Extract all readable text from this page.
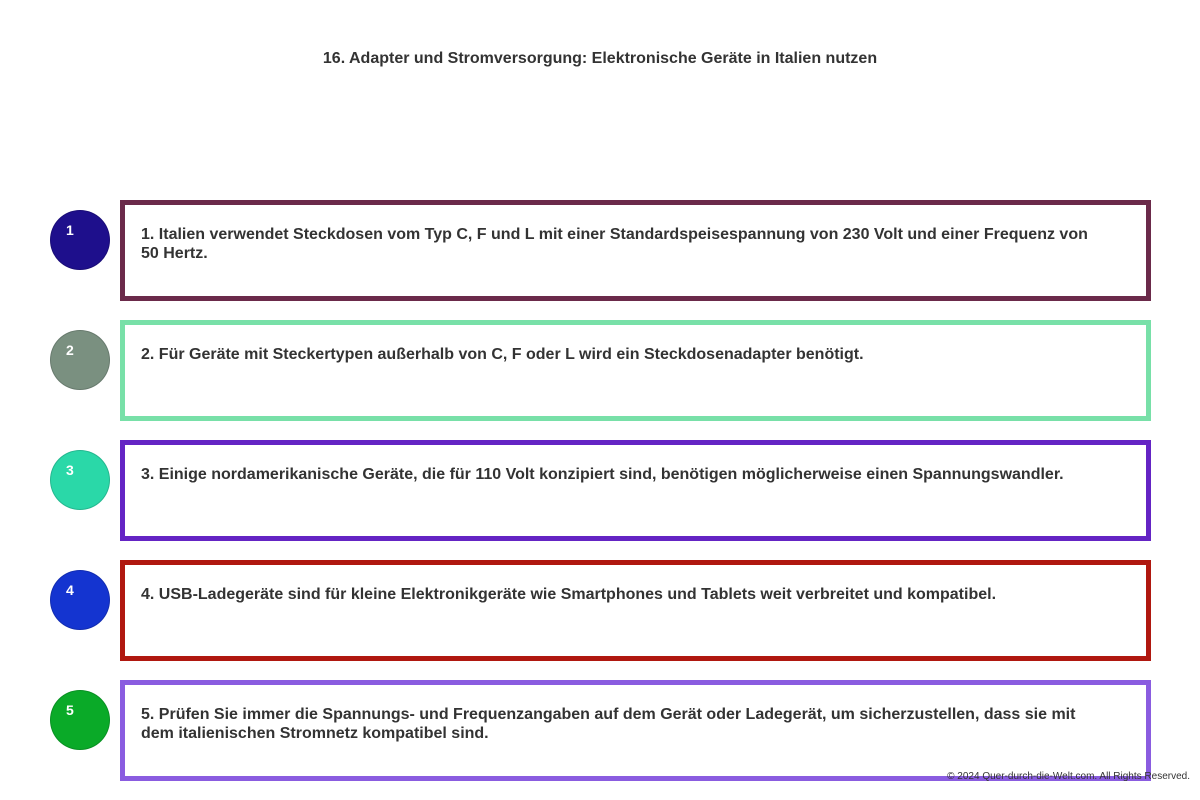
16. Adapter und Stromversorgung: Elektronische Geräte in Italien nutzen
1	1. Italien verwendet Steckdosen vom Typ C, F und L mit einer Standardspeisespannung von 230 Volt und einer Frequenz von 50 Hertz.
2	2. Für Geräte mit Steckertypen außerhalb von C, F oder L wird ein Steckdosenadapter benötigt.
3	3. Einige nordamerikanische Geräte, die für 110 Volt konzipiert sind, benötigen möglicherweise einen Spannungswandler.
4	4. USB-Ladegeräte sind für kleine Elektronikgeräte wie Smartphones und Tablets weit verbreitet und kompatibel.
5	5. Prüfen Sie immer die Spannungs- und Frequenzangaben auf dem Gerät oder Ladegerät, um sicherzustellen, dass sie mit dem italienischen Stromnetz kompatibel sind.
© 2024 Quer-durch-die-Welt.com. All Rights Reserved.
